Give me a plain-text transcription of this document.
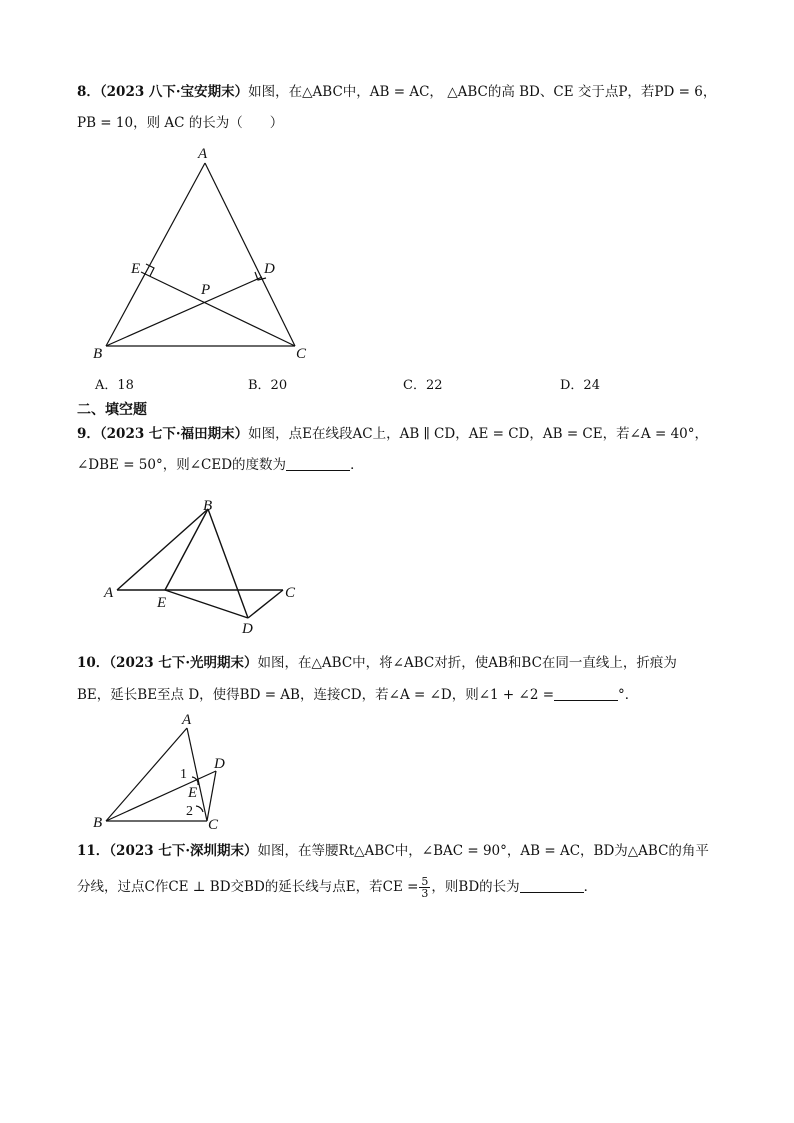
8．（2023 八下·宝安期末）如图，在△ABC中，AB = AC， △ABC的高 BD、CE 交于点P，若PD = 6，
PB = 10，则 AC 的长为（　　）
A
B	C
D
E
P
A．18	B．20	C．22	D．24
二、填空题
9．（2023 七下·福田期末）如图，点E在线段AC上，AB ∥ CD，AE = CD，AB = CE，若∠A = 40°，
∠DBE = 50°，则∠CED的度数为	．
A
B
C
D
E
10．（2023 七下·光明期末）如图，在△ABC中，将∠ABC对折，使AB和BC在同一直线上，折痕为
BE，延长BE至点 D，使得BD = AB，连接CD，若∠A = ∠D，则∠1 + ∠2 =	°．
A
B	C
D
E
1
2
11．（2023 七下·深圳期末）如图，在等腰Rt△ABC中，∠BAC = 90°，AB = AC，BD为△ABC的角平
分线，过点C作CE ⊥ BD交BD的延长线与点E，若CE = $\frac{5}{3}$ ，则BD的长为	．
